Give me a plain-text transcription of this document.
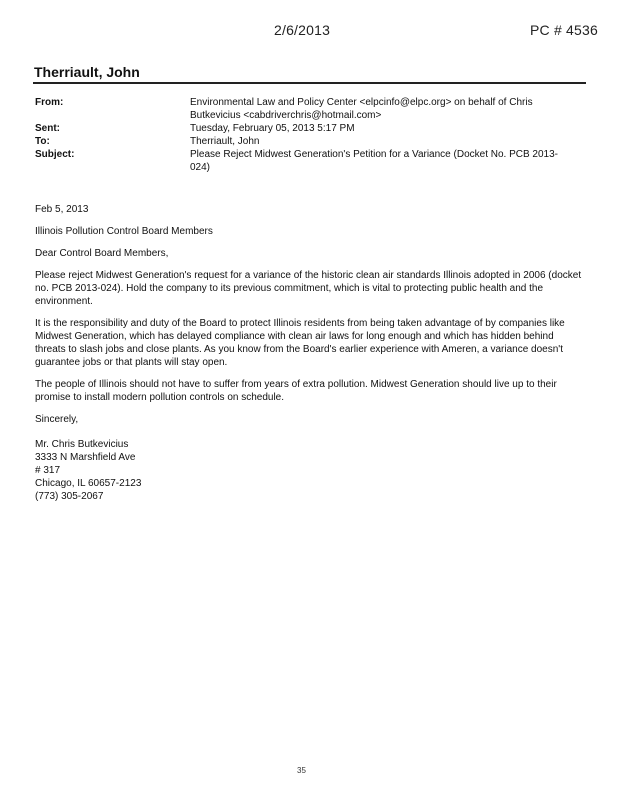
2/6/2013	PC # 4536
Therriault, John
From:	Environmental Law and Policy Center <elpcinfo@elpc.org> on behalf of Chris Butkevicius <cabdriverchris@hotmail.com>
Sent:	Tuesday, February 05, 2013 5:17 PM
To:	Therriault, John
Subject:	Please Reject Midwest Generation's Petition for a Variance (Docket No. PCB 2013-024)

Feb 5, 2013

Illinois Pollution Control Board Members

Dear Control Board Members,

Please reject Midwest Generation's request for a variance of the historic clean air standards Illinois adopted in 2006 (docket no. PCB 2013-024). Hold the company to its previous commitment, which is vital to protecting public health and the environment.

It is the responsibility and duty of the Board to protect Illinois residents from being taken advantage of by companies like Midwest Generation, which has delayed compliance with clean air laws for long enough and which has hidden behind threats to slash jobs and close plants. As you know from the Board's earlier experience with Ameren, a variance doesn't guarantee jobs or that plants will stay open.

The people of Illinois should not have to suffer from years of extra pollution. Midwest Generation should live up to their promise to install modern pollution controls on schedule.

Sincerely,

Mr. Chris Butkevicius
3333 N Marshfield Ave
# 317
Chicago, IL 60657-2123
(773) 305-2067
35
